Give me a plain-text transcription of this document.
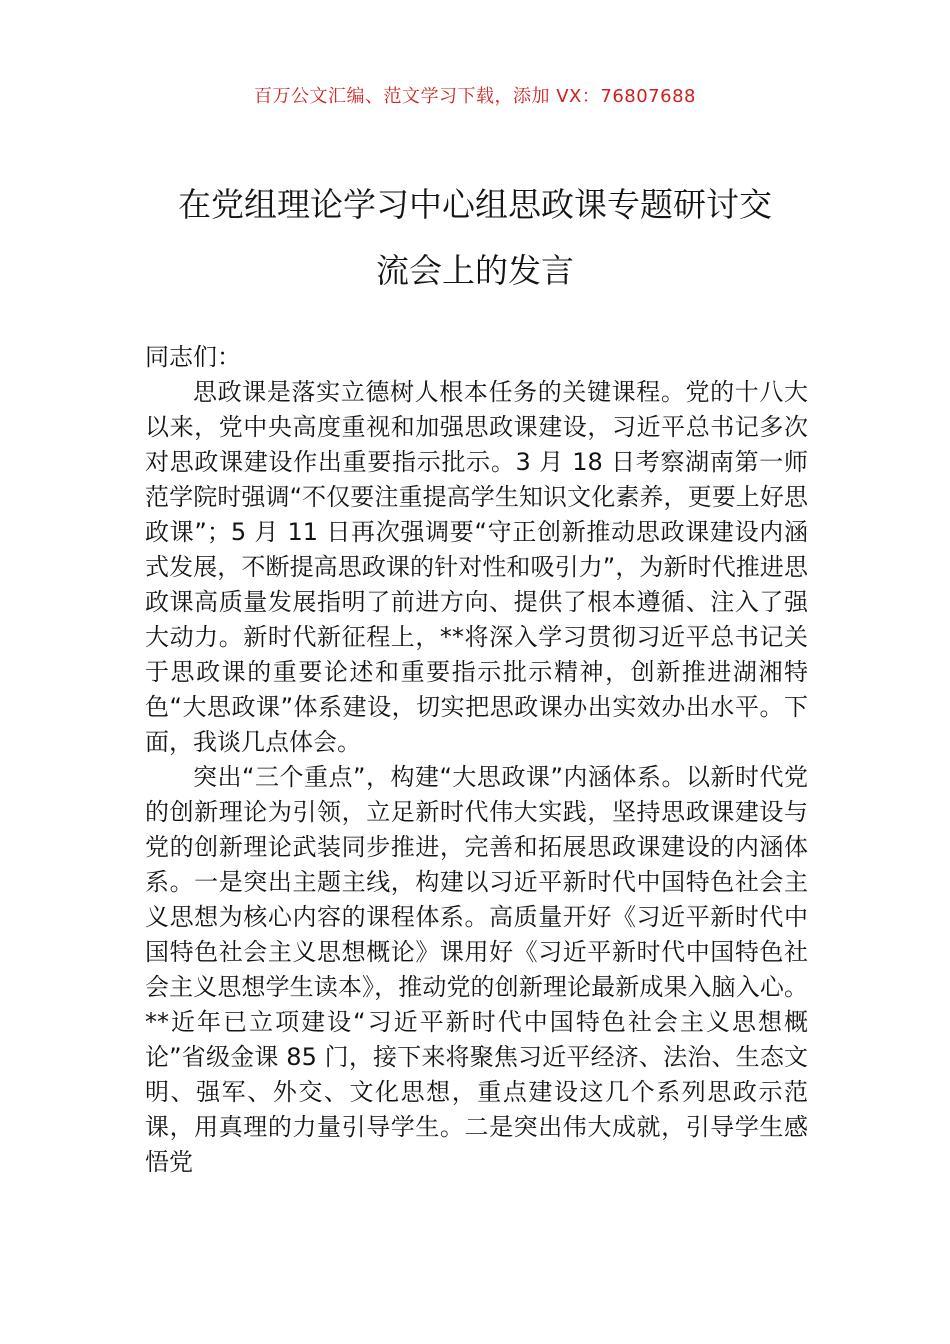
百万公文汇编、范文学习下载，添加 VX：76807688
在党组理论学习中心组思政课专题研讨交
流会上的发言

同志们：

思政课是落实立德树人根本任务的关键课程。党的十八大以来，党中央高度重视和加强思政课建设，习近平总书记多次对思政课建设作出重要指示批示。3 月 18 日考察湖南第一师范学院时强调“不仅要注重提高学生知识文化素养，更要上好思政课”；5 月 11 日再次强调要“守正创新推动思政课建设内涵式发展，不断提高思政课的针对性和吸引力”，为新时代推进思政课高质量发展指明了前进方向、提供了根本遵循、注入了强大动力。新时代新征程上，**将深入学习贯彻习近平总书记关于思政课的重要论述和重要指示批示精神，创新推进湖湘特色“大思政课”体系建设，切实把思政课办出实效办出水平。下面，我谈几点体会。

突出“三个重点”，构建“大思政课”内涵体系。以新时代党的创新理论为引领，立足新时代伟大实践，坚持思政课建设与党的创新理论武装同步推进，完善和拓展思政课建设的内涵体系。一是突出主题主线，构建以习近平新时代中国特色社会主义思想为核心内容的课程体系。高质量开好《习近平新时代中国特色社会主义思想概论》课用好《习近平新时代中国特色社会主义思想学生读本》，推动党的创新理论最新成果入脑入心。**近年已立项建设“习近平新时代中国特色社会主义思想概论”省级金课 85 门，接下来将聚焦习近平经济、法治、生态文明、强军、外交、文化思想，重点建设这几个系列思政示范课，用真理的力量引导学生。二是突出伟大成就，引导学生感悟党
